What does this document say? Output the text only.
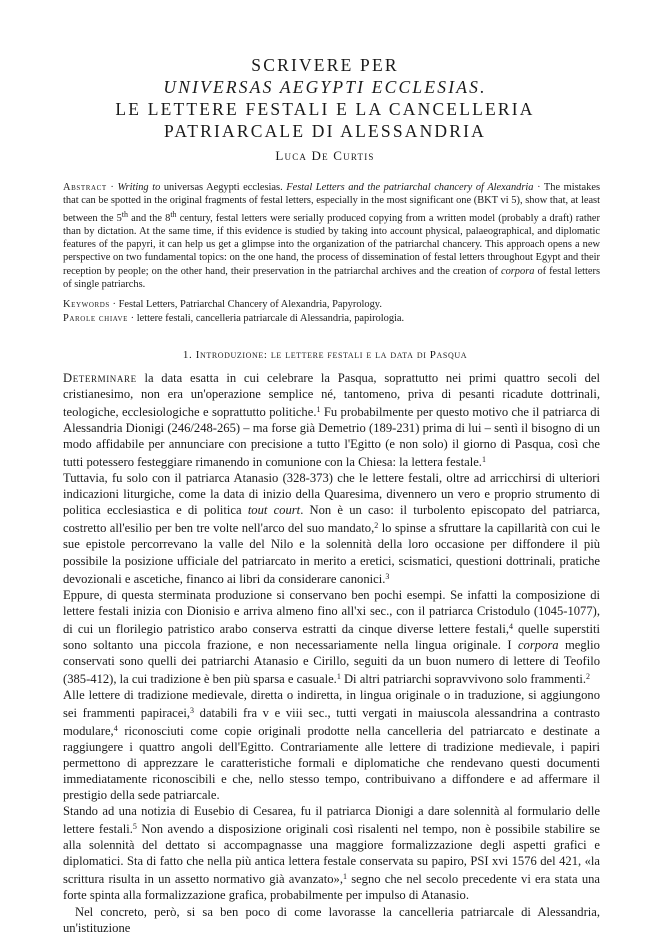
SCRIVERE PER
UNIVERSAS AEGYPTI ECCLESIAS.
LE LETTERE FESTALI E LA CANCELLERIA
PATRIARCALE DI ALESSANDRIA
Luca De Curtis
Abstract · Writing to universas Aegypti ecclesias. Festal Letters and the patriarchal chancery of Alexandria · The mistakes that can be spotted in the original fragments of festal letters, especially in the most significant one (BKT vi 5), show that, at least between the 5th and the 8th century, festal letters were serially produced copying from a written model (probably a draft) rather than by dictation. At the same time, if this evidence is studied by taking into account physical, palaeographical, and diplomatic features of the papyri, it can help us get a glimpse into the organization of the patriarchal chancery. This approach opens a new perspective on two fundamental topics: on the one hand, the process of dissemination of festal letters throughout Egypt and their reception by people; on the other hand, their preservation in the patriarchal archives and the creation of corpora of festal letters of single patriarchs.
Keywords · Festal Letters, Patriarchal Chancery of Alexandria, Papyrology.
Parole chiave · lettere festali, cancelleria patriarcale di Alessandria, papirologia.
1. Introduzione: le lettere festali e la data di Pasqua

Determinare la data esatta in cui celebrare la Pasqua, soprattutto nei primi quattro secoli del cristianesimo, non era un'operazione semplice né, tantomeno, priva di pesanti ricadute dottrinali, teologiche, ecclesiologiche e soprattutto politiche.$^1$ Fu probabilmente per questo motivo che il patriarca di Alessandria Dionigi (246/248-265) – ma forse già Demetrio (189-231) prima di lui – sentì il bisogno di un modo affidabile per annunciare con precisione a tutto l'Egitto (e non solo) il giorno di Pasqua, così che tutti potessero festeggiare rimanendo in comunione con la Chiesa: la lettera festale.$^1$

Tuttavia, fu solo con il patriarca Atanasio (328-373) che le lettere festali, oltre ad arricchirsi di ulteriori indicazioni liturgiche, come la data di inizio della Quaresima, divennero un vero e proprio strumento di politica ecclesiastica e di politica tout court. Non è un caso: il turbolento episcopato del patriarca, costretto all'esilio per ben tre volte nell'arco del suo mandato,$^2$ lo spinse a sfruttare la capillarità con cui le sue epistole percorrevano la valle del Nilo e la solennità della loro occasione per diffondere il più possibile la posizione ufficiale del patriarcato in merito a eretici, scismatici, questioni dottrinali, pratiche devozionali e ascetiche, financo ai libri da considerare canonici.$^3$

Eppure, di questa sterminata produzione si conservano ben pochi esempi. Se infatti la composizione di lettere festali inizia con Dionisio e arriva almeno fino all'xi sec., con il patriarca Cristodulo (1045-1077), di cui un florilegio patristico arabo conserva estratti da cinque diverse lettere festali,$^4$ quelle superstiti sono soltanto una piccola frazione, e non necessariamente nella lingua originale. I corpora meglio conservati sono quelli dei patriarchi Atanasio e Cirillo, seguiti da un buon numero di lettere di Teofilo (385-412), la cui tradizione è ben più sparsa e casuale.$^1$ Di altri patriarchi sopravvivono solo frammenti.$^2$

Alle lettere di tradizione medievale, diretta o indiretta, in lingua originale o in traduzione, si aggiungono sei frammenti papiracei,$^3$ databili fra v e viii sec., tutti vergati in maiuscola alessandrina a contrasto modulare,$^4$ riconosciuti come copie originali prodotte nella cancelleria del patriarcato e destinate a raggiungere i quattro angoli dell'Egitto. Contrariamente alle lettere di tradizione medievale, i papiri permettono di apprezzare le caratteristiche formali e diplomatiche che rendevano questi documenti immediatamente riconoscibili e che, nello stesso tempo, contribuivano a diffondere e ad affermare il prestigio della sede patriarcale.

Stando ad una notizia di Eusebio di Cesarea, fu il patriarca Dionigi a dare solennità al formulario delle lettere festali.$^5$ Non avendo a disposizione originali così risalenti nel tempo, non è possibile stabilire se alla solennità del dettato si accompagnasse una maggiore formalizzazione degli aspetti grafici e diplomatici. Sta di fatto che nella più antica lettera festale conservata su papiro, PSI xvi 1576 del 421, «la scrittura risulta in un assetto normativo già avanzato»,$^1$ segno che nel secolo precedente vi era stata una forte spinta alla formalizzazione grafica, probabilmente per impulso di Atanasio.

Nel concreto, però, si sa ben poco di come lavorasse la cancelleria patriarcale di Alessandria, un'istituzione
